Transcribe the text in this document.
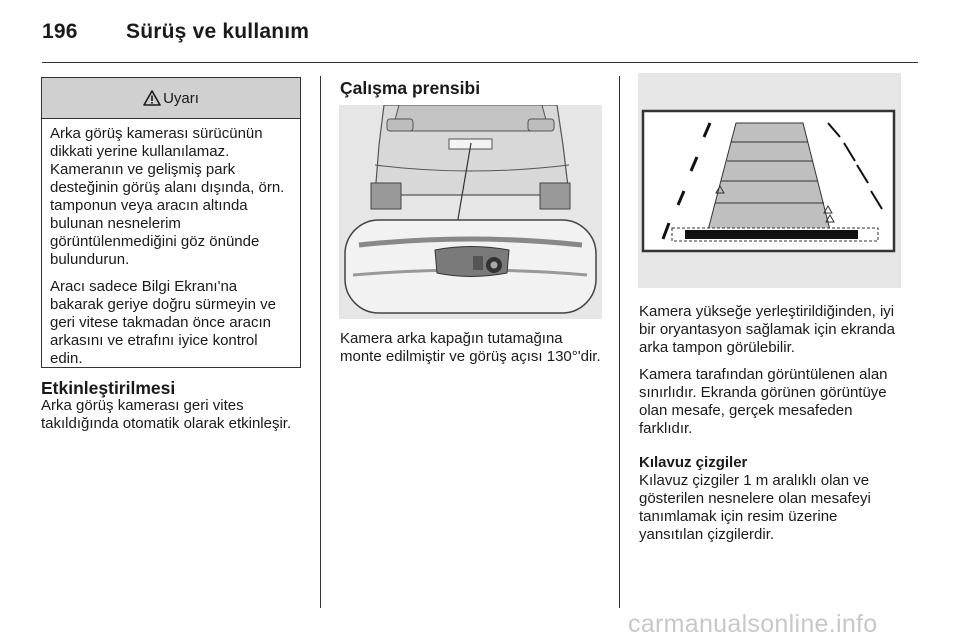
196 Sürüş ve kullanım
Uyarı

Arka görüş kamerası sürücünün dikkati yerine kullanılamaz. Kameranın ve gelişmiş park desteğinin görüş alanı dışında, örn. tamponun veya aracın altında bulunan nesnelerim görüntülenmediğini göz önünde bulundurun.

Aracı sadece Bilgi Ekranı'na bakarak geriye doğru sürmeyin ve geri vitese takmadan önce aracın arkasını ve etrafını iyice kontrol edin.

Etkinleştirilmesi

Arka görüş kamerası geri vites takıldığında otomatik olarak etkinleşir.

Çalışma prensibi
Kamera arka kapağın tutamağına monte edilmiştir ve görüş açısı 130°'dir.

Kamera yükseğe yerleştirildiğinden, iyi bir oryantasyon sağlamak için ekranda arka tampon görülebilir.

Kamera tarafından görüntülenen alan sınırlıdır. Ekranda görünen görüntüye olan mesafe, gerçek mesafeden farklıdır.

Kılavuz çizgiler

Kılavuz çizgiler 1 m aralıklı olan ve gösterilen nesnelere olan mesafeyi tanımlamak için resim üzerine yansıtılan çizgilerdir.

carmanualsonline.info
